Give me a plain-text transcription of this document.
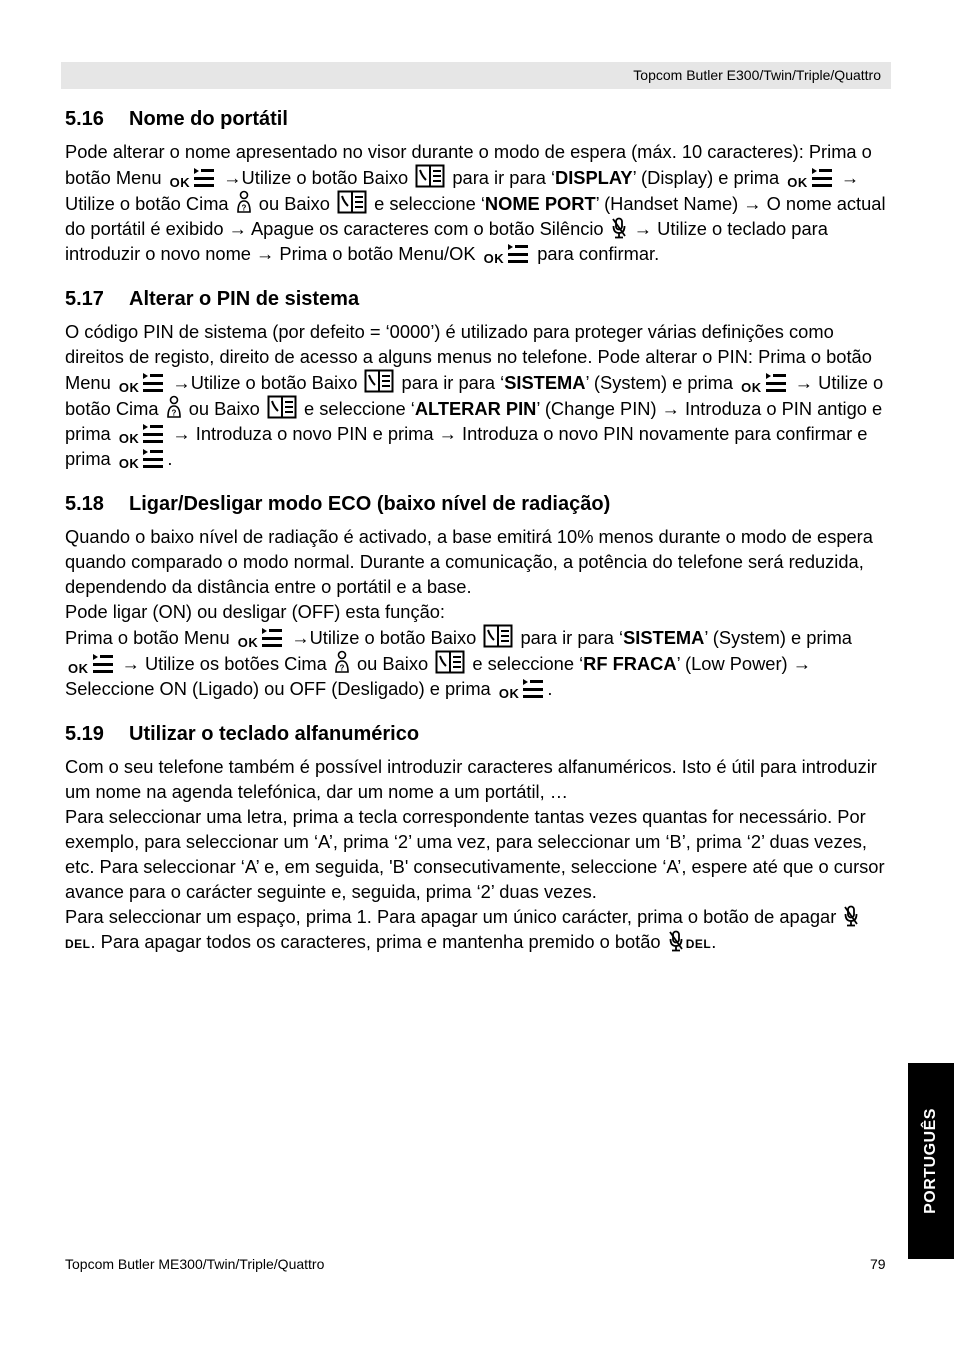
Topcom Butler E300/Twin/Triple/Quattro
5.16 Nome do portátil

Pode alterar o nome apresentado no visor durante o modo de espera (máx. 10 caracteres): Prima o botão Menu OK →Utilize o botão Baixo para ir para ‘DISPLAY’ (Display) e prima OK → Utilize o botão Cima ou Baixo e seleccione ‘NOME PORT’ (Handset Name) → O nome actual do portátil é exibido → Apague os caracteres com o botão Silêncio → Utilize o teclado para introduzir o novo nome → Prima o botão Menu/OK OK para confirmar.

5.17 Alterar o PIN de sistema

O código PIN de sistema (por defeito = ‘0000’) é utilizado para proteger várias definições como direitos de registo, direito de acesso a alguns menus no telefone. Pode alterar o PIN: Prima o botão Menu OK →Utilize o botão Baixo para ir para ‘SISTEMA’ (System) e prima OK → Utilize o botão Cima ou Baixo e seleccione ‘ALTERAR PIN’ (Change PIN) → Introduza o PIN antigo e prima OK → Introduza o novo PIN e prima → Introduza o novo PIN novamente para confirmar e prima OK .

5.18 Ligar/Desligar modo ECO (baixo nível de radiação)

Quando o baixo nível de radiação é activado, a base emitirá 10% menos durante o modo de espera quando comparado o modo normal. Durante a comunicação, a potência do telefone será reduzida, dependendo da distância entre o portátil e a base.

Pode ligar (ON) ou desligar (OFF) esta função:

Prima o botão Menu OK →Utilize o botão Baixo para ir para ‘SISTEMA’ (System) e prima
OK → Utilize os botões Cima ou Baixo e seleccione ‘RF FRACA’ (Low Power) → Seleccione ON (Ligado) ou OFF (Desligado) e prima OK .

5.19 Utilizar o teclado alfanumérico

Com o seu telefone também é possível introduzir caracteres alfanuméricos. Isto é útil para introduzir um nome na agenda telefónica, dar um nome a um portátil, …

Para seleccionar uma letra, prima a tecla correspondente tantas vezes quantas for necessário. Por exemplo, para seleccionar um ‘A’, prima ‘2’ uma vez, para seleccionar um ‘B’, prima ‘2’ duas vezes, etc. Para seleccionar ‘A’ e, em seguida, 'B' consecutivamente, seleccione ‘A’, espere até que o cursor avance para o carácter seguinte e, seguida, prima ‘2’ duas vezes.

Para seleccionar um espaço, prima 1. Para apagar um único carácter, prima o botão de apagar DEL. Para apagar todos os caracteres, prima e mantenha premido o botão DEL.

PORTUGUÊS
Topcom Butler ME300/Twin/Triple/Quattro	79
